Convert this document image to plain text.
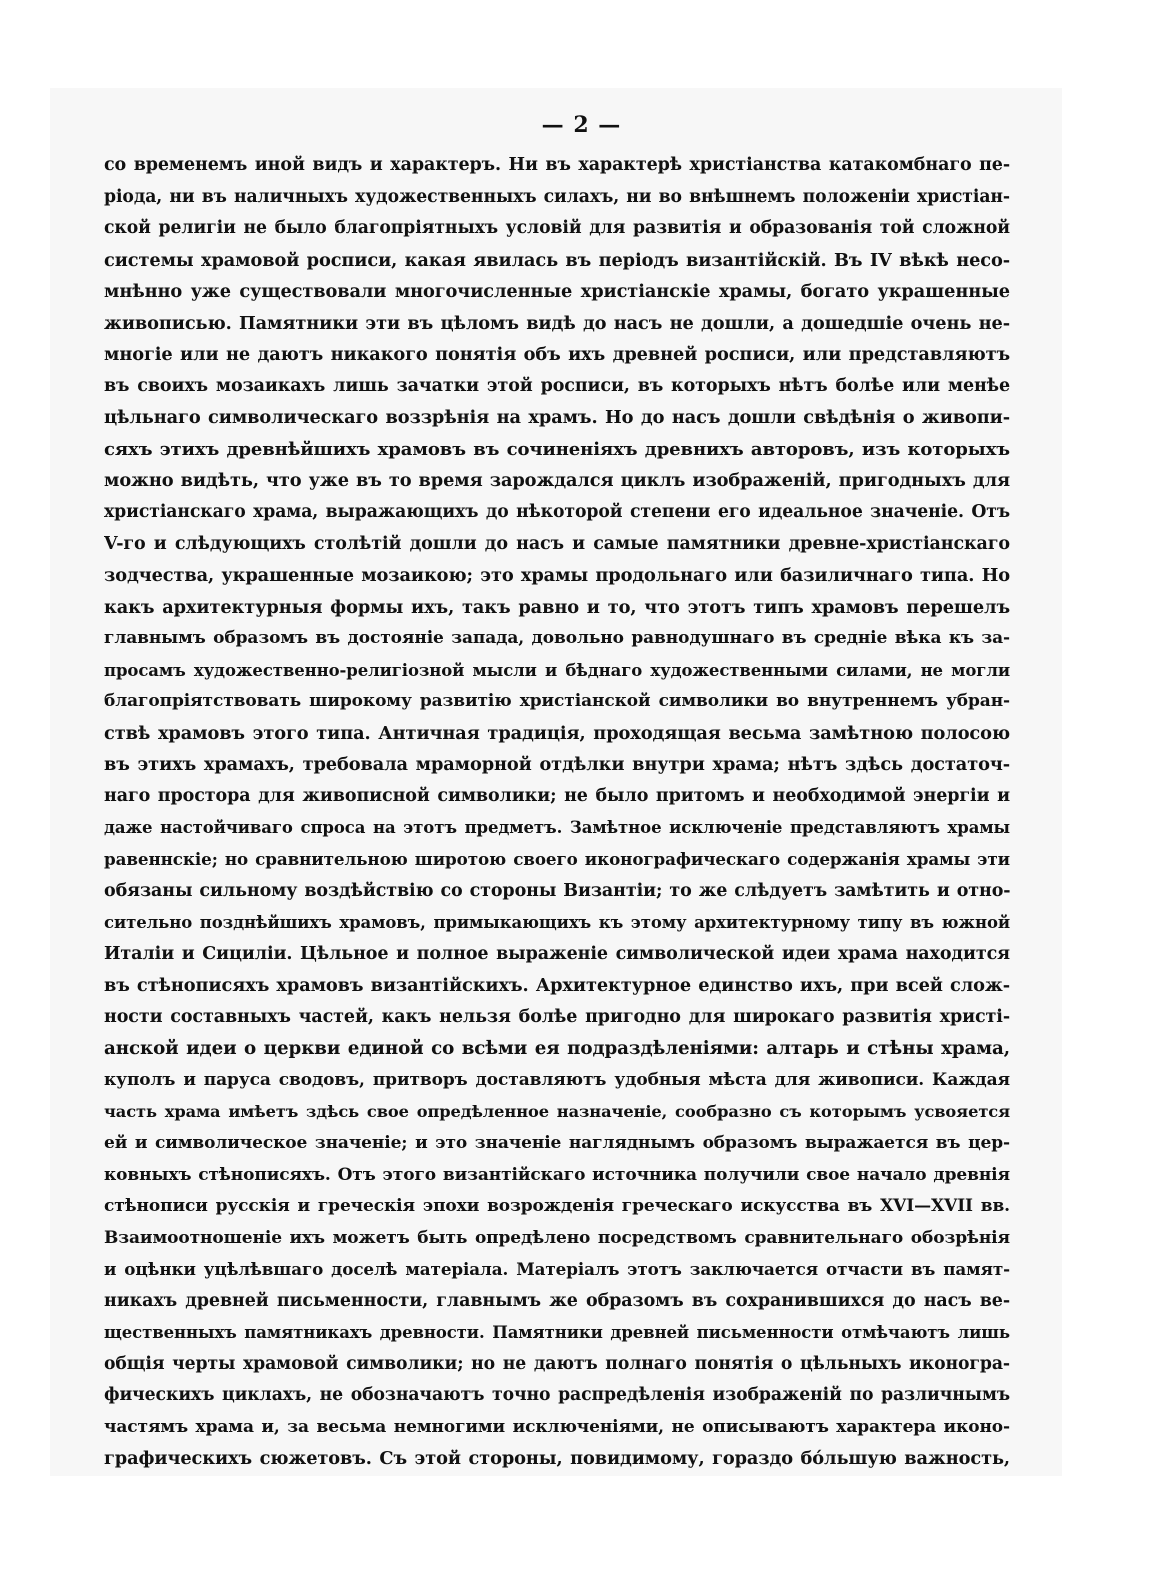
— 2 —
со временемъ иной видъ и характеръ. Ни въ характерѣ христіанства катакомбнаго пе-
ріода, ни въ наличныхъ художественныхъ силахъ, ни во внѣшнемъ положеніи христіан-
ской религіи не было благопріятныхъ условій для развитія и образованія той сложной
системы храмовой росписи, какая явилась въ періодъ византійскій. Въ IV вѣкѣ несо-
мнѣнно уже существовали многочисленные христіанскіе храмы, богато украшенные
живописью. Памятники эти въ цѣломъ видѣ до насъ не дошли, а дошедшіе очень не-
многіе или не даютъ никакого понятія объ ихъ древней росписи, или представляютъ
въ своихъ мозаикахъ лишь зачатки этой росписи, въ которыхъ нѣтъ болѣе или менѣе
цѣльнаго символическаго воззрѣнія на храмъ. Но до насъ дошли свѣдѣнія о живопи-
сяхъ этихъ древнѣйшихъ храмовъ въ сочиненіяхъ древнихъ авторовъ, изъ которыхъ
можно видѣть, что уже въ то время зарождался циклъ изображеній, пригодныхъ для
христіанскаго храма, выражающихъ до нѣкоторой степени его идеальное значеніе. Отъ
V-го и слѣдующихъ столѣтій дошли до насъ и самые памятники древне-христіанскаго
зодчества, украшенные мозаикою; это храмы продольнаго или базиличнаго типа. Но
какъ архитектурныя формы ихъ, такъ равно и то, что этотъ типъ храмовъ перешелъ
главнымъ образомъ въ достояніе запада, довольно равнодушнаго въ средніе вѣка къ за-
просамъ художественно-религіозной мысли и бѣднаго художественными силами, не могли
благопріятствовать широкому развитію христіанской символики во внутреннемъ убран-
ствѣ храмовъ этого типа. Античная традиція, проходящая весьма замѣтною полосою
въ этихъ храмахъ, требовала мраморной отдѣлки внутри храма; нѣтъ здѣсь достаточ-
наго простора для живописной символики; не было притомъ и необходимой энергіи и
даже настойчиваго спроса на этотъ предметъ. Замѣтное исключеніе представляютъ храмы
равеннскіе; но сравнительною широтою своего иконографическаго содержанія храмы эти
обязаны сильному воздѣйствію со стороны Византіи; то же слѣдуетъ замѣтить и отно-
сительно позднѣйшихъ храмовъ, примыкающихъ къ этому архитектурному типу въ южной
Италіи и Сициліи. Цѣльное и полное выраженіе символической идеи храма находится
въ стѣнописяхъ храмовъ византійскихъ. Архитектурное единство ихъ, при всей слож-
ности составныхъ частей, какъ нельзя болѣе пригодно для широкаго развитія христі-
анской идеи о церкви единой со всѣми ея подраздѣленіями: алтарь и стѣны храма,
куполъ и паруса сводовъ, притворъ доставляютъ удобныя мѣста для живописи. Каждая
часть храма имѣетъ здѣсь свое опредѣленное назначеніе, сообразно съ которымъ усвояется
ей и символическое значеніе; и это значеніе нагляднымъ образомъ выражается въ цер-
ковныхъ стѣнописяхъ. Отъ этого византійскаго источника получили свое начало древнія
стѣнописи русскія и греческія эпохи возрожденія греческаго искусства въ XVI—XVII вв.
Взаимоотношеніе ихъ можетъ быть опредѣлено посредствомъ сравнительнаго обозрѣнія
и оцѣнки уцѣлѣвшаго доселѣ матеріала. Матеріалъ этотъ заключается отчасти въ памят-
никахъ древней письменности, главнымъ же образомъ въ сохранившихся до насъ ве-
щественныхъ памятникахъ древности. Памятники древней письменности отмѣчаютъ лишь
общія черты храмовой символики; но не даютъ полнаго понятія о цѣльныхъ иконогра-
фическихъ циклахъ, не обозначаютъ точно распредѣленія изображеній по различнымъ
частямъ храма и, за весьма немногими исключеніями, не описываютъ характера иконо-
графическихъ сюжетовъ. Съ этой стороны, повидимому, гораздо бóльшую важность,
